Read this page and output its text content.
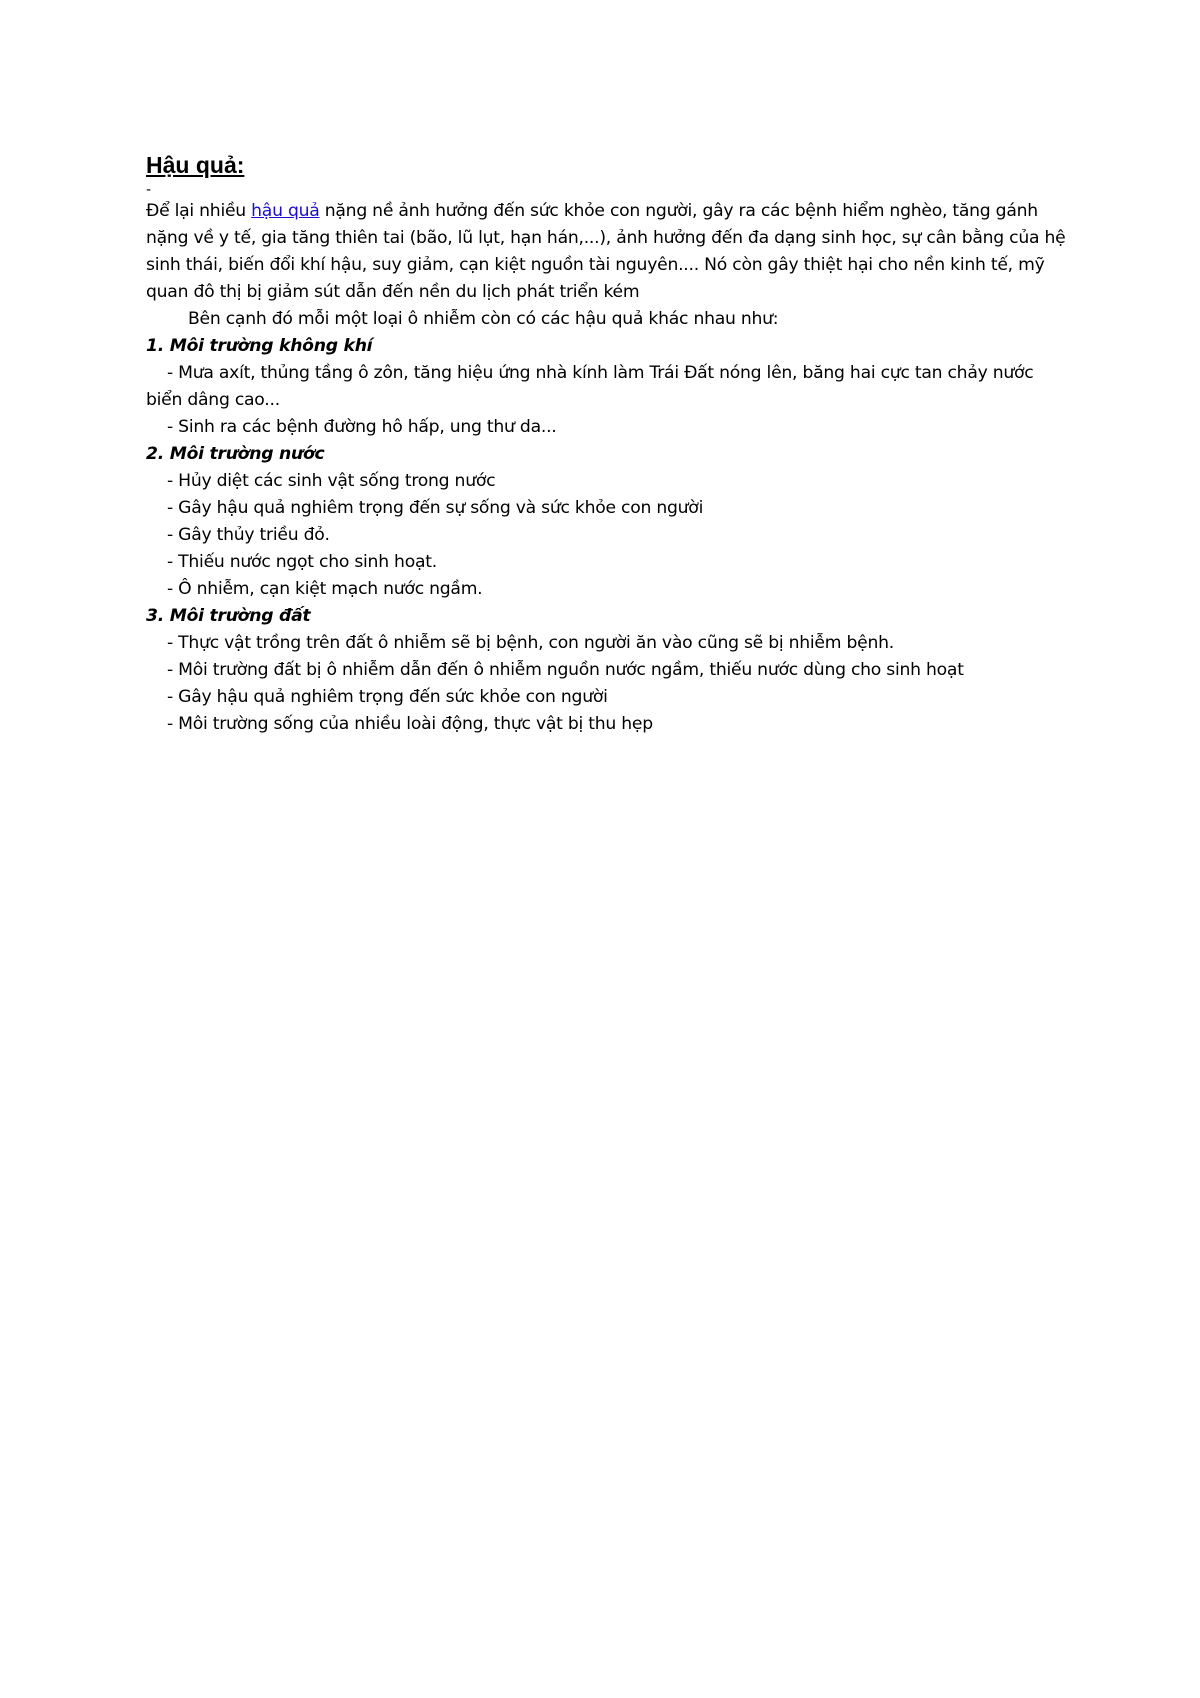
Hậu quả:
-

Để lại nhiều hậu quả nặng nề ảnh hưởng đến sức khỏe con người, gây ra các bệnh hiểm nghèo, tăng gánh nặng về y tế, gia tăng thiên tai (bão, lũ lụt, hạn hán,...), ảnh hưởng đến đa dạng sinh học, sự cân bằng của hệ sinh thái, biến đổi khí hậu, suy giảm, cạn kiệt nguồn tài nguyên.... Nó còn gây thiệt hại cho nền kinh tế, mỹ quan đô thị bị giảm sút dẫn đến nền du lịch phát triển kém

Bên cạnh đó mỗi một loại ô nhiễm còn có các hậu quả khác nhau như:

1. Môi trường không khí
- Mưa axít, thủng tầng ô zôn, tăng hiệu ứng nhà kính làm Trái Đất nóng lên, băng hai cực tan chảy nước biển dâng cao...
- Sinh ra các bệnh đường hô hấp, ung thư da...
2. Môi trường nước
- Hủy diệt các sinh vật sống trong nước
- Gây hậu quả nghiêm trọng đến sự sống và sức khỏe con người
- Gây thủy triều đỏ.
- Thiếu nước ngọt cho sinh hoạt.
- Ô nhiễm, cạn kiệt mạch nước ngầm.
3. Môi trường đất
- Thực vật trồng trên đất ô nhiễm sẽ bị bệnh, con người ăn vào cũng sẽ bị nhiễm bệnh.
- Môi trường đất bị ô nhiễm dẫn đến ô nhiễm nguồn nước ngầm, thiếu nước dùng cho sinh hoạt
- Gây hậu quả nghiêm trọng đến sức khỏe con người
- Môi trường sống của nhiều loài động, thực vật bị thu hẹp
